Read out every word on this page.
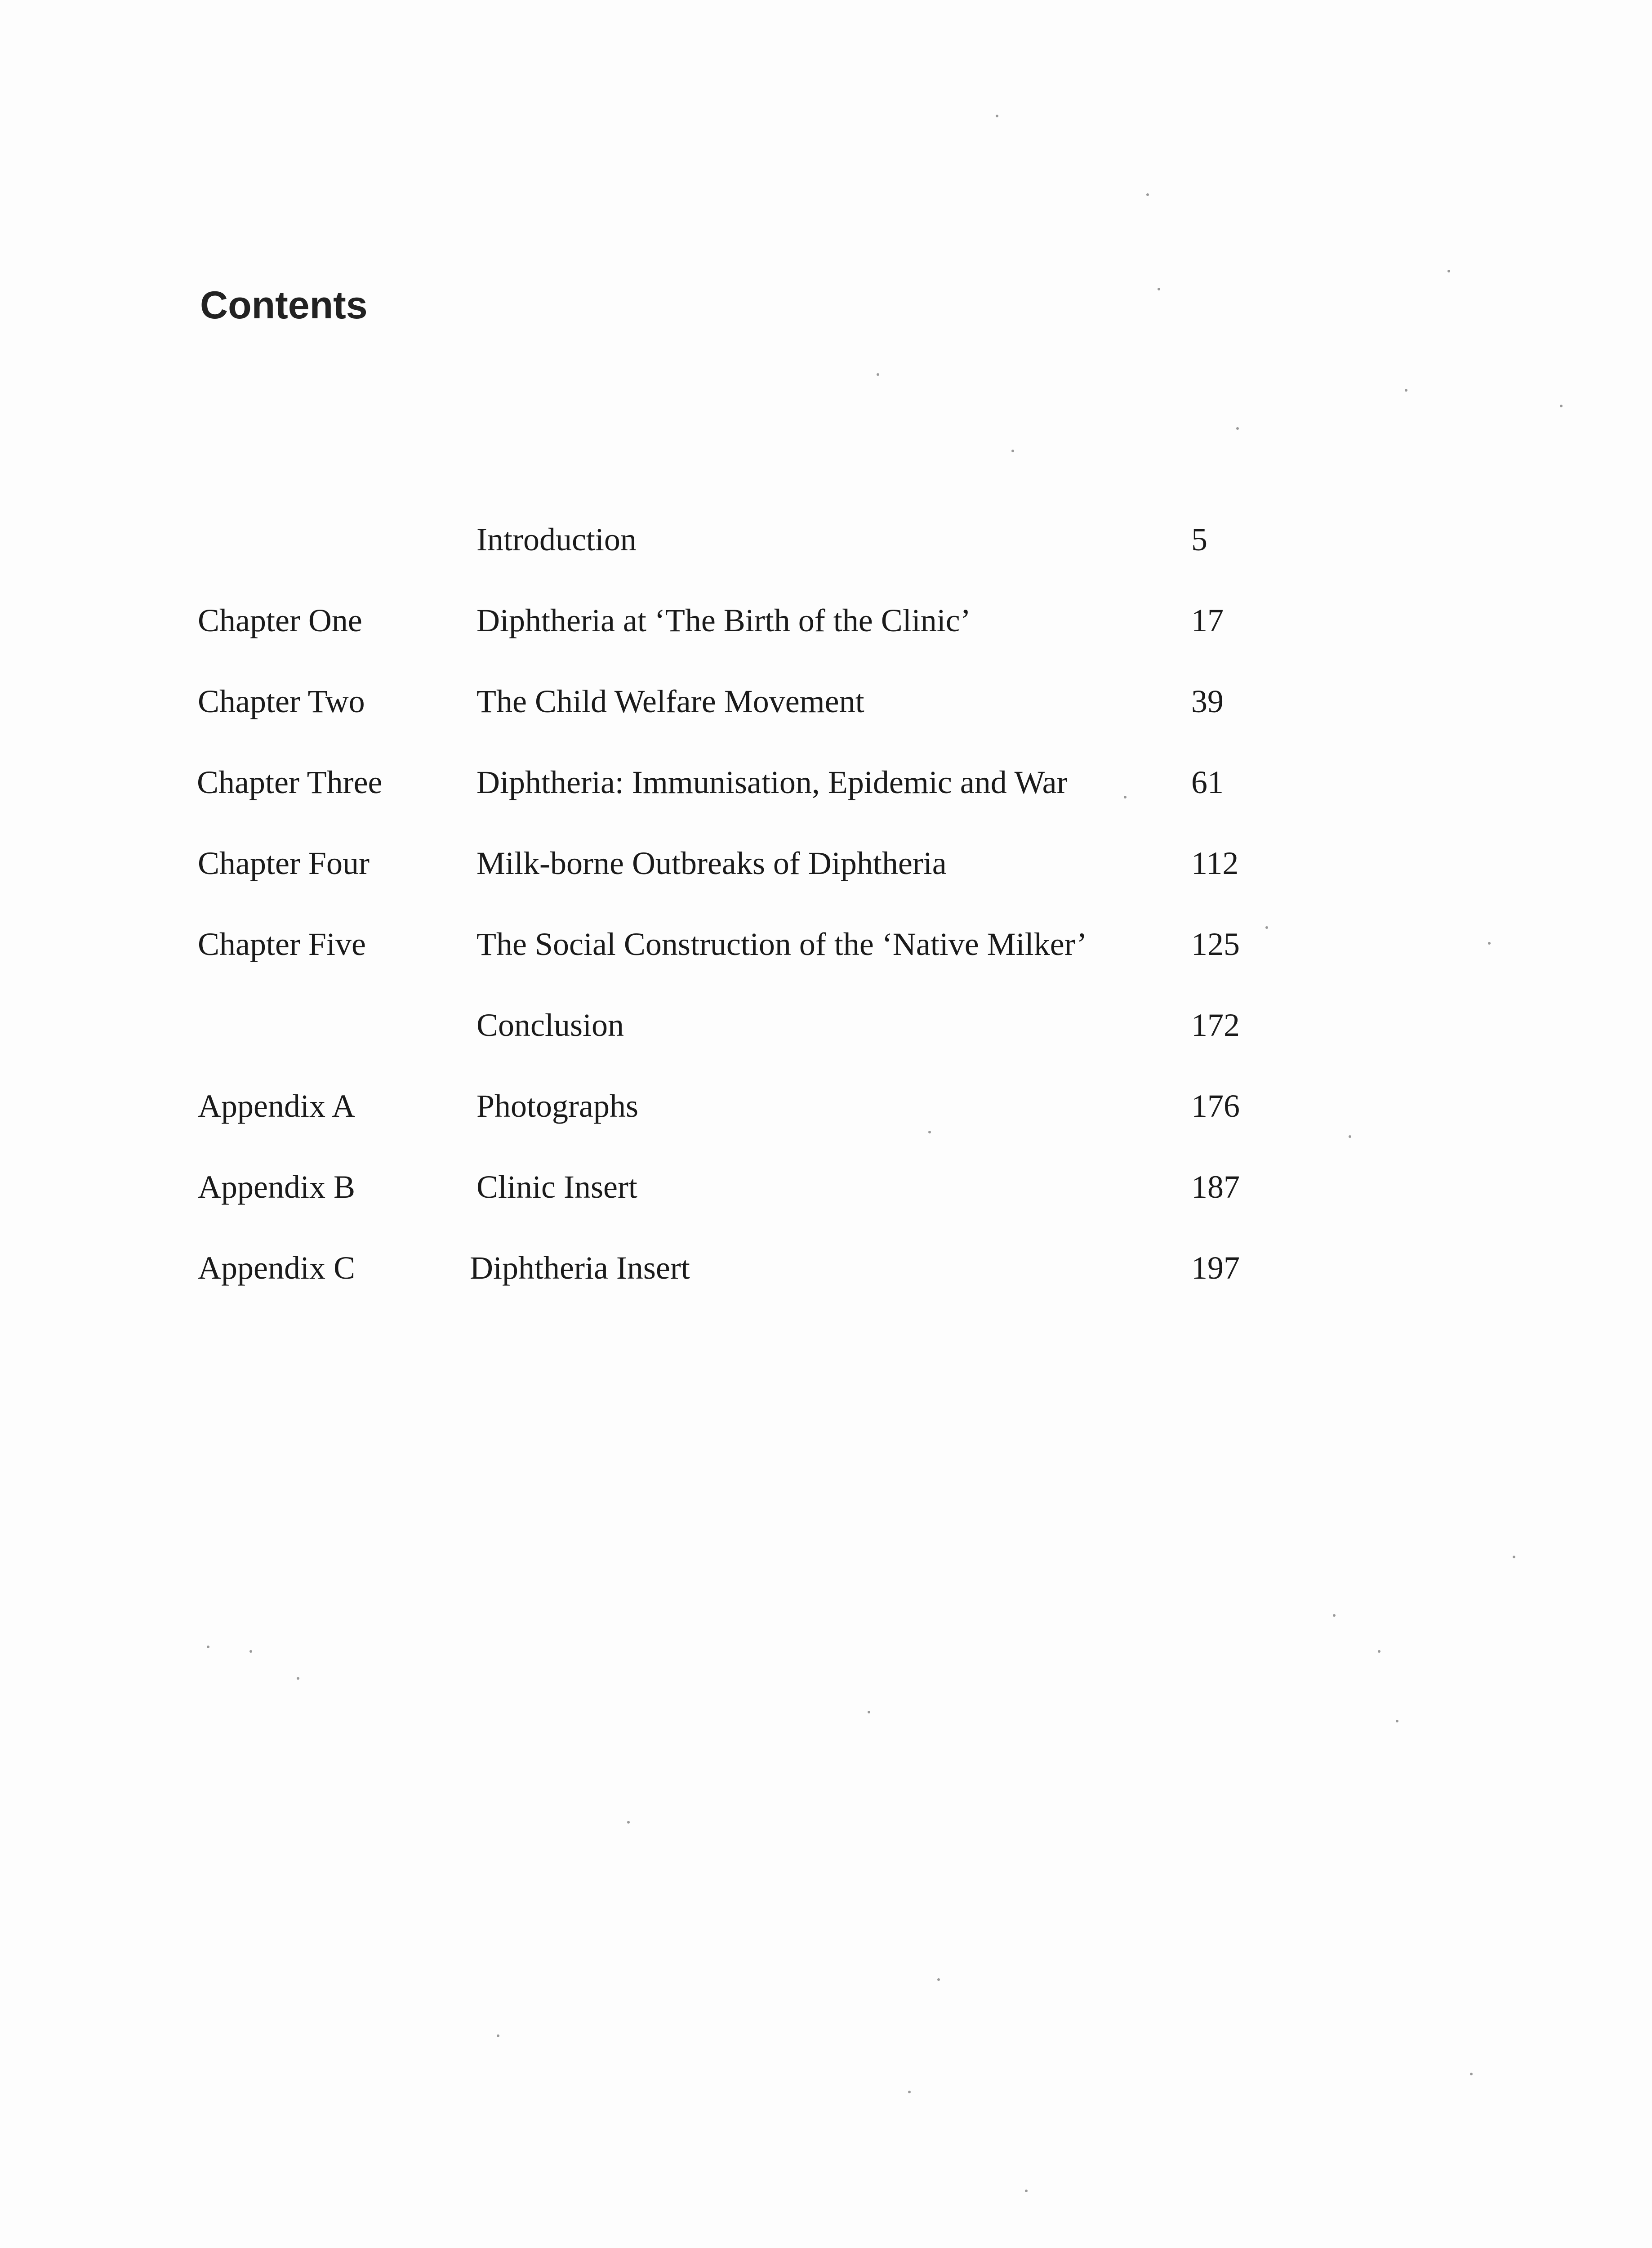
Contents
Introduction	5
Chapter One	Diphtheria at ‘The Birth of the Clinic’	17
Chapter Two	The Child Welfare Movement	39
Chapter Three	Diphtheria: Immunisation, Epidemic and War	61
Chapter Four	Milk-borne Outbreaks of Diphtheria	112
Chapter Five	The Social Construction of the ‘Native Milker’	125
Conclusion	172
Appendix A	Photographs	176
Appendix B	Clinic Insert	187
Appendix C	Diphtheria Insert	197
